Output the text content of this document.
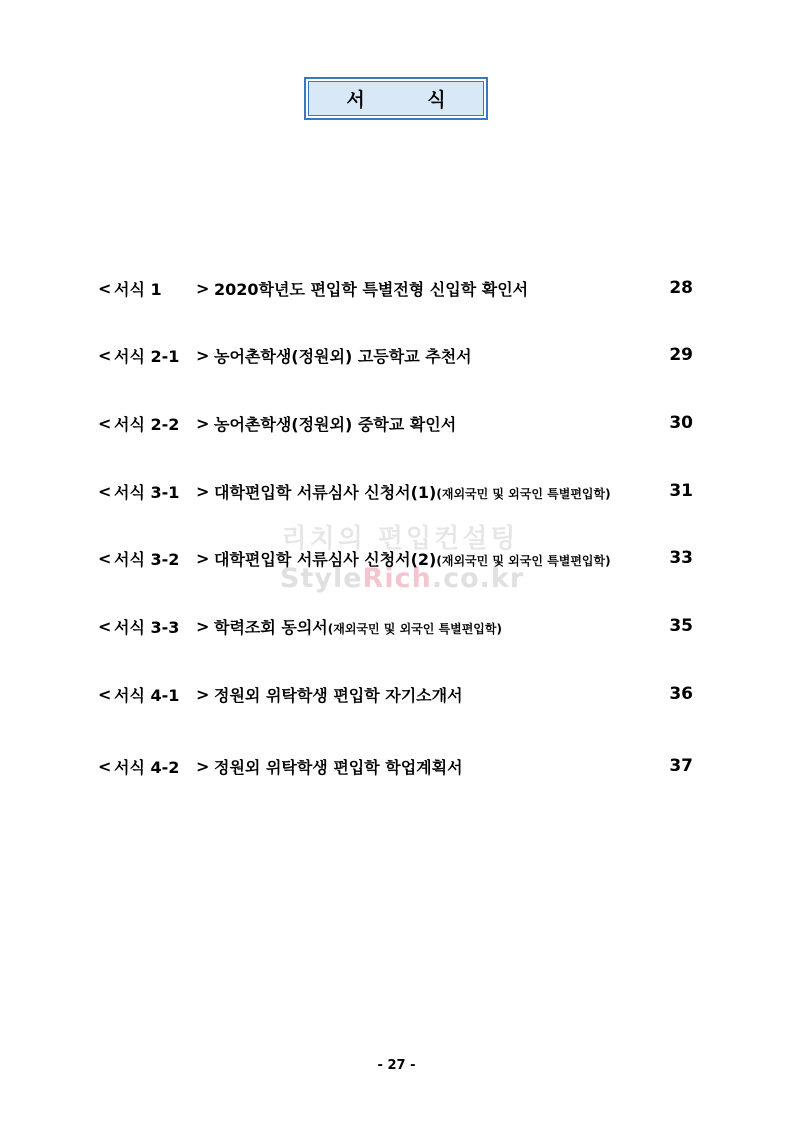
서 식
리치의 편입컨설팅
StyleRich.co.kr
< 서식 1	> 2020학년도 편입학 특별전형 신입학 확인서	28
< 서식 2-1	> 농어촌학생(정원외) 고등학교 추천서	29
< 서식 2-2	> 농어촌학생(정원외) 중학교 확인서	30
< 서식 3-1	> 대학편입학 서류심사 신청서(1)(재외국민 및 외국인 특별편입학)	31
< 서식 3-2	> 대학편입학 서류심사 신청서(2)(재외국민 및 외국인 특별편입학)	33
< 서식 3-3	> 학력조회 동의서(재외국민 및 외국인 특별편입학)	35
< 서식 4-1	> 정원외 위탁학생 편입학 자기소개서	36
< 서식 4-2	> 정원외 위탁학생 편입학 학업계획서	37
- 27 -
